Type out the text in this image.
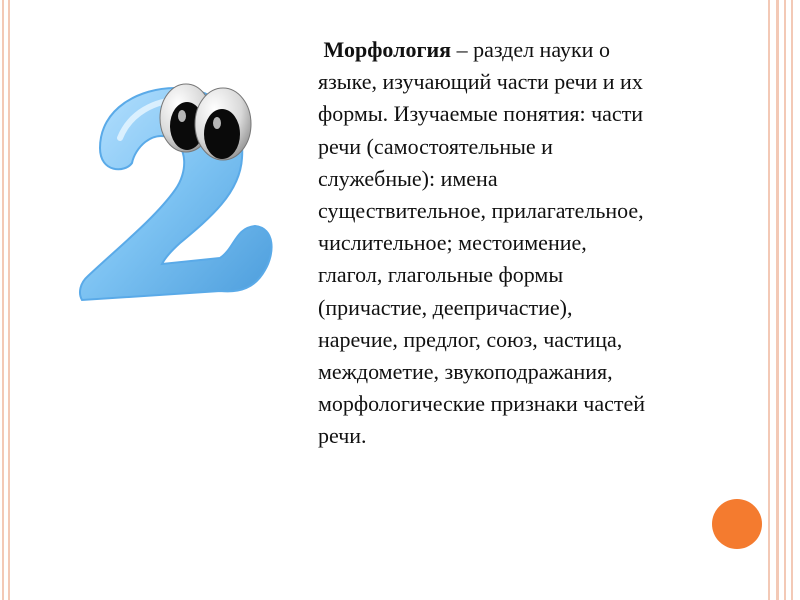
Морфология – раздел науки о

языке, изучающий части речи и их

формы. Изучаемые понятия: части

речи (самостоятельные и

служебные): имена

существительное, прилагательное,

числительное; местоимение,

глагол, глагольные формы

(причастие, деепричастие),

наречие, предлог, союз, частица,

междометие, звукоподражания,

морфологические признаки частей

речи.
